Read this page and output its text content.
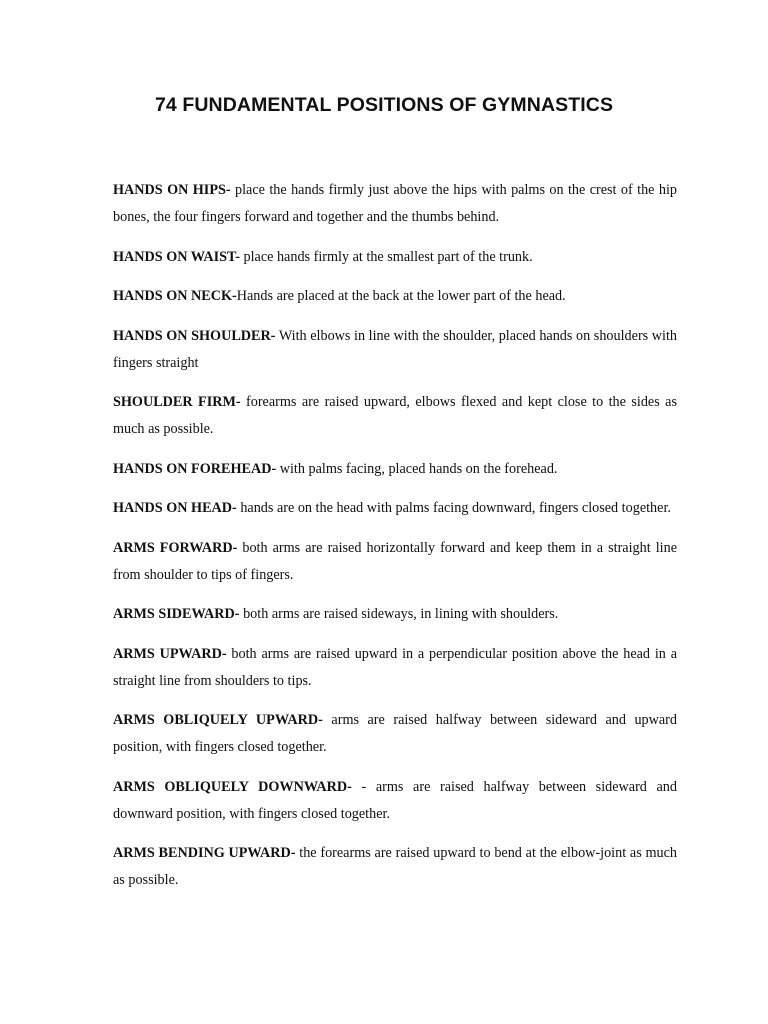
74 FUNDAMENTAL POSITIONS OF GYMNASTICS

HANDS ON HIPS- place the hands firmly just above the hips with palms on the crest of the hip bones, the four fingers forward and together and the thumbs behind.

HANDS ON WAIST- place hands firmly at the smallest part of the trunk.

HANDS ON NECK-Hands are placed at the back at the lower part of the head.

HANDS ON SHOULDER- With elbows in line with the shoulder, placed hands on shoulders with fingers straight

SHOULDER FIRM- forearms are raised upward, elbows flexed and kept close to the sides as much as possible.

HANDS ON FOREHEAD- with palms facing, placed hands on the forehead.

HANDS ON HEAD- hands are on the head with palms facing downward, fingers closed together.

ARMS FORWARD- both arms are raised horizontally forward and keep them in a straight line from shoulder to tips of fingers.

ARMS SIDEWARD- both arms are raised sideways, in lining with shoulders.

ARMS UPWARD- both arms are raised upward in a perpendicular position above the head in a straight line from shoulders to tips.

ARMS OBLIQUELY UPWARD- arms are raised halfway between sideward and upward position, with fingers closed together.

ARMS OBLIQUELY DOWNWARD- - arms are raised halfway between sideward and downward position, with fingers closed together.

ARMS BENDING UPWARD- the forearms are raised upward to bend at the elbow-joint as much as possible.
